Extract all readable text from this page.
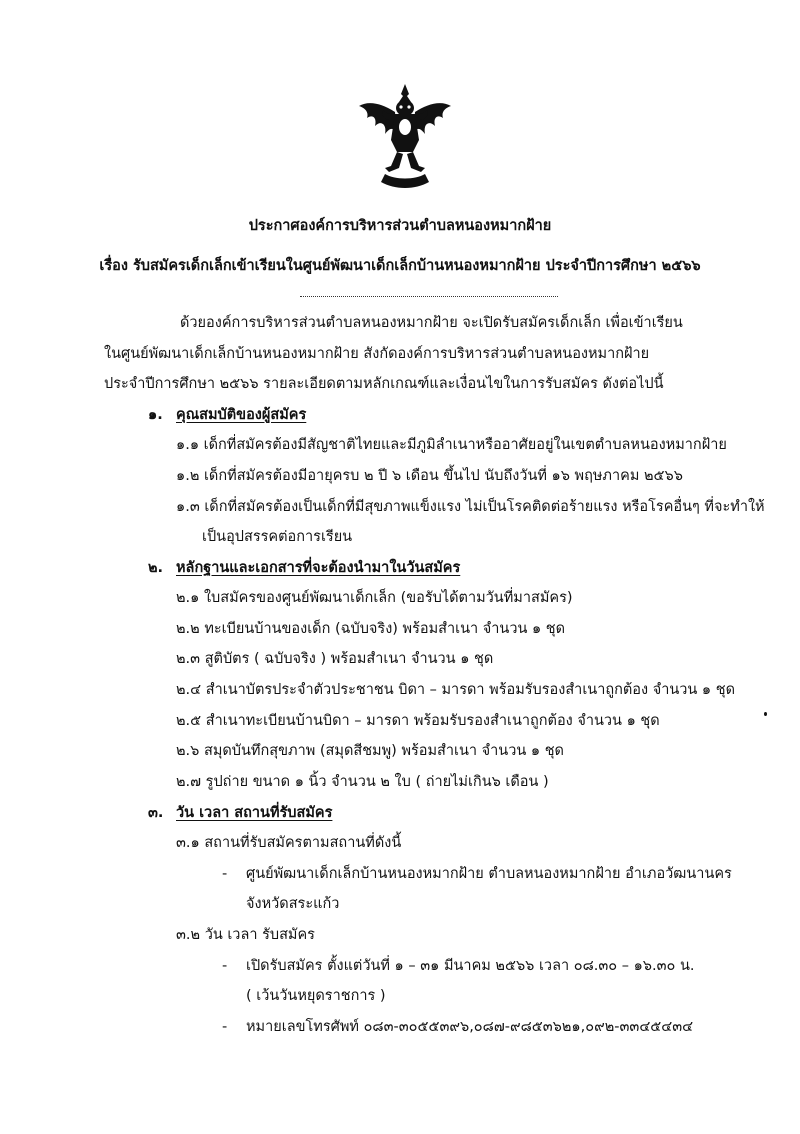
ประกาศองค์การบริหารส่วนตำบลหนองหมากฝ้าย
เรื่อง รับสมัครเด็กเล็กเข้าเรียนในศูนย์พัฒนาเด็กเล็กบ้านหนองหมากฝ้าย ประจำปีการศึกษา ๒๕๖๖
ด้วยองค์การบริหารส่วนตำบลหนองหมากฝ้าย จะเปิดรับสมัครเด็กเล็ก เพื่อเข้าเรียน
ในศูนย์พัฒนาเด็กเล็กบ้านหนองหมากฝ้าย สังกัดองค์การบริหารส่วนตำบลหนองหมากฝ้าย
ประจำปีการศึกษา ๒๕๖๖ รายละเอียดตามหลักเกณฑ์และเงื่อนไขในการรับสมัคร ดังต่อไปนี้
๑. คุณสมบัติของผู้สมัคร
๑.๑ เด็กที่สมัครต้องมีสัญชาติไทยและมีภูมิลำเนาหรืออาศัยอยู่ในเขตตำบลหนองหมากฝ้าย
๑.๒ เด็กที่สมัครต้องมีอายุครบ ๒ ปี ๖ เดือน ขึ้นไป นับถึงวันที่ ๑๖ พฤษภาคม ๒๕๖๖
๑.๓ เด็กที่สมัครต้องเป็นเด็กที่มีสุขภาพแข็งแรง ไม่เป็นโรคติดต่อร้ายแรง หรือโรคอื่นๆ ที่จะทำให้
เป็นอุปสรรคต่อการเรียน
๒. หลักฐานและเอกสารที่จะต้องนำมาในวันสมัคร
๒.๑ ใบสมัครของศูนย์พัฒนาเด็กเล็ก (ขอรับได้ตามวันที่มาสมัคร)
๒.๒ ทะเบียนบ้านของเด็ก (ฉบับจริง) พร้อมสำเนา จำนวน ๑ ชุด
๒.๓ สูติบัตร ( ฉบับจริง ) พร้อมสำเนา จำนวน ๑ ชุด
๒.๔ สำเนาบัตรประจำตัวประชาชน บิดา – มารดา พร้อมรับรองสำเนาถูกต้อง จำนวน ๑ ชุด
๒.๕ สำเนาทะเบียนบ้านบิดา – มารดา พร้อมรับรองสำเนาถูกต้อง จำนวน ๑ ชุด
๒.๖ สมุดบันทึกสุขภาพ (สมุดสีชมพู) พร้อมสำเนา จำนวน ๑ ชุด
๒.๗ รูปถ่าย ขนาด ๑ นิ้ว จำนวน ๒ ใบ ( ถ่ายไม่เกิน๖ เดือน )
๓. วัน เวลา สถานที่รับสมัคร
๓.๑ สถานที่รับสมัครตามสถานที่ดังนี้
- ศูนย์พัฒนาเด็กเล็กบ้านหนองหมากฝ้าย ตำบลหนองหมากฝ้าย อำเภอวัฒนานคร
จังหวัดสระแก้ว
๓.๒ วัน เวลา รับสมัคร
- เปิดรับสมัคร ตั้งแต่วันที่ ๑ – ๓๑ มีนาคม ๒๕๖๖ เวลา ๐๘.๓๐ – ๑๖.๓๐ น.
( เว้นวันหยุดราชการ )
- หมายเลขโทรศัพท์ ๐๘๓-๓๐๕๕๓๙๖,๐๘๗-๙๘๕๓๖๒๑,๐๙๒-๓๓๔๕๔๓๔
